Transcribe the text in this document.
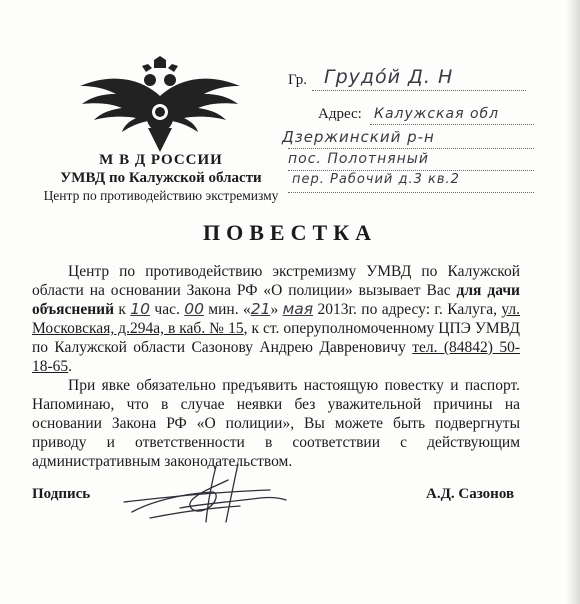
М В Д РОССИИ
УМВД по Калужской области
Центр по противодействию экстремизму
Гр. Грудо́й Д. Н
Адрес: Калужская обл
Дзержинский р-н
пос. Полотняный
пер. Рабочий д.3 кв.2
ПОВЕСТКА
Центр по противодействию экстремизму УМВД по Калужской области на основании Закона РФ «О полиции» вызывает Вас для дачи объяснений к 10 час. 00 мин. «21» мая 2013г. по адресу: г. Калуга, ул. Московская, д.294а, в каб. № 15, к ст. оперуполномоченному ЦПЭ УМВД по Калужской области Сазонову Андрею Давреновичу тел. (84842) 50-18-65.
При явке обязательно предъявить настоящую повестку и паспорт. Напоминаю, что в случае неявки без уважительной причины на основании Закона РФ «О полиции», Вы можете быть подвергнуты приводу и ответственности в соответствии с действующим административным законодательством.
Подпись	А.Д. Сазонов
